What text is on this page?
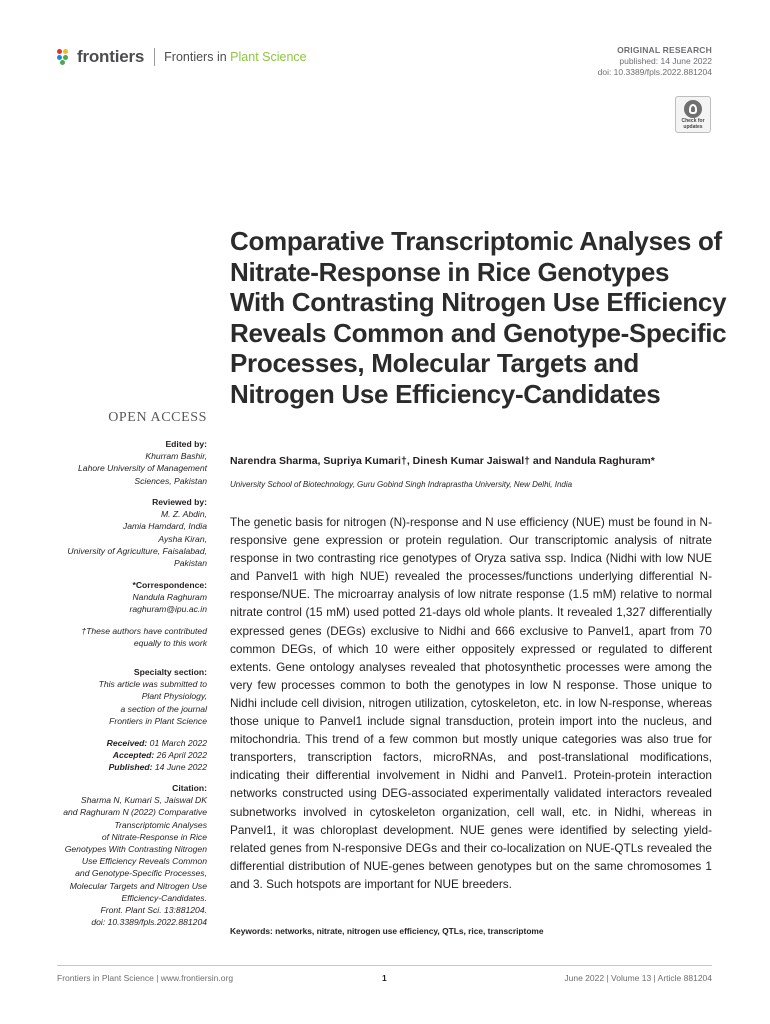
frontiers Frontiers in Plant Science	ORIGINAL RESEARCH
published: 14 June 2022
doi: 10.3389/fpls.2022.881204
Check for updates
Comparative Transcriptomic Analyses of Nitrate-Response in Rice Genotypes With Contrasting Nitrogen Use Efficiency Reveals Common and Genotype-Specific Processes, Molecular Targets and Nitrogen Use Efficiency-Candidates
OPEN ACCESS
Edited by:
Khurram Bashir,
Lahore University of Management
Sciences, Pakistan
Reviewed by:
M. Z. Abdin,
Jamia Hamdard, India
Aysha Kiran,
University of Agriculture, Faisalabad,
Pakistan
*Correspondence:
Nandula Raghuram
raghuram@ipu.ac.in
†These authors have contributed
equally to this work
Specialty section:
This article was submitted to
Plant Physiology,
a section of the journal
Frontiers in Plant Science
Received: 01 March 2022
Accepted: 26 April 2022
Published: 14 June 2022
Citation:
Sharma N, Kumari S, Jaiswal DK
and Raghuram N (2022) Comparative
Transcriptomic Analyses
of Nitrate-Response in Rice
Genotypes With Contrasting Nitrogen
Use Efficiency Reveals Common
and Genotype-Specific Processes,
Molecular Targets and Nitrogen Use
Efficiency-Candidates.
Front. Plant Sci. 13:881204.
doi: 10.3389/fpls.2022.881204
Narendra Sharma, Supriya Kumari†, Dinesh Kumar Jaiswal† and Nandula Raghuram*
University School of Biotechnology, Guru Gobind Singh Indraprastha University, New Delhi, India
The genetic basis for nitrogen (N)-response and N use efficiency (NUE) must be found in N-responsive gene expression or protein regulation. Our transcriptomic analysis of nitrate response in two contrasting rice genotypes of Oryza sativa ssp. Indica (Nidhi with low NUE and Panvel1 with high NUE) revealed the processes/functions underlying differential N-response/NUE. The microarray analysis of low nitrate response (1.5 mM) relative to normal nitrate control (15 mM) used potted 21-days old whole plants. It revealed 1,327 differentially expressed genes (DEGs) exclusive to Nidhi and 666 exclusive to Panvel1, apart from 70 common DEGs, of which 10 were either oppositely expressed or regulated to different extents. Gene ontology analyses revealed that photosynthetic processes were among the very few processes common to both the genotypes in low N response. Those unique to Nidhi include cell division, nitrogen utilization, cytoskeleton, etc. in low N-response, whereas those unique to Panvel1 include signal transduction, protein import into the nucleus, and mitochondria. This trend of a few common but mostly unique categories was also true for transporters, transcription factors, microRNAs, and post-translational modifications, indicating their differential involvement in Nidhi and Panvel1. Protein-protein interaction networks constructed using DEG-associated experimentally validated interactors revealed subnetworks involved in cytoskeleton organization, cell wall, etc. in Nidhi, whereas in Panvel1, it was chloroplast development. NUE genes were identified by selecting yield-related genes from N-responsive DEGs and their co-localization on NUE-QTLs revealed the differential distribution of NUE-genes between genotypes but on the same chromosomes 1 and 3. Such hotspots are important for NUE breeders.
Keywords: networks, nitrate, nitrogen use efficiency, QTLs, rice, transcriptome
Frontiers in Plant Science | www.frontiersin.org	1	June 2022 | Volume 13 | Article 881204
